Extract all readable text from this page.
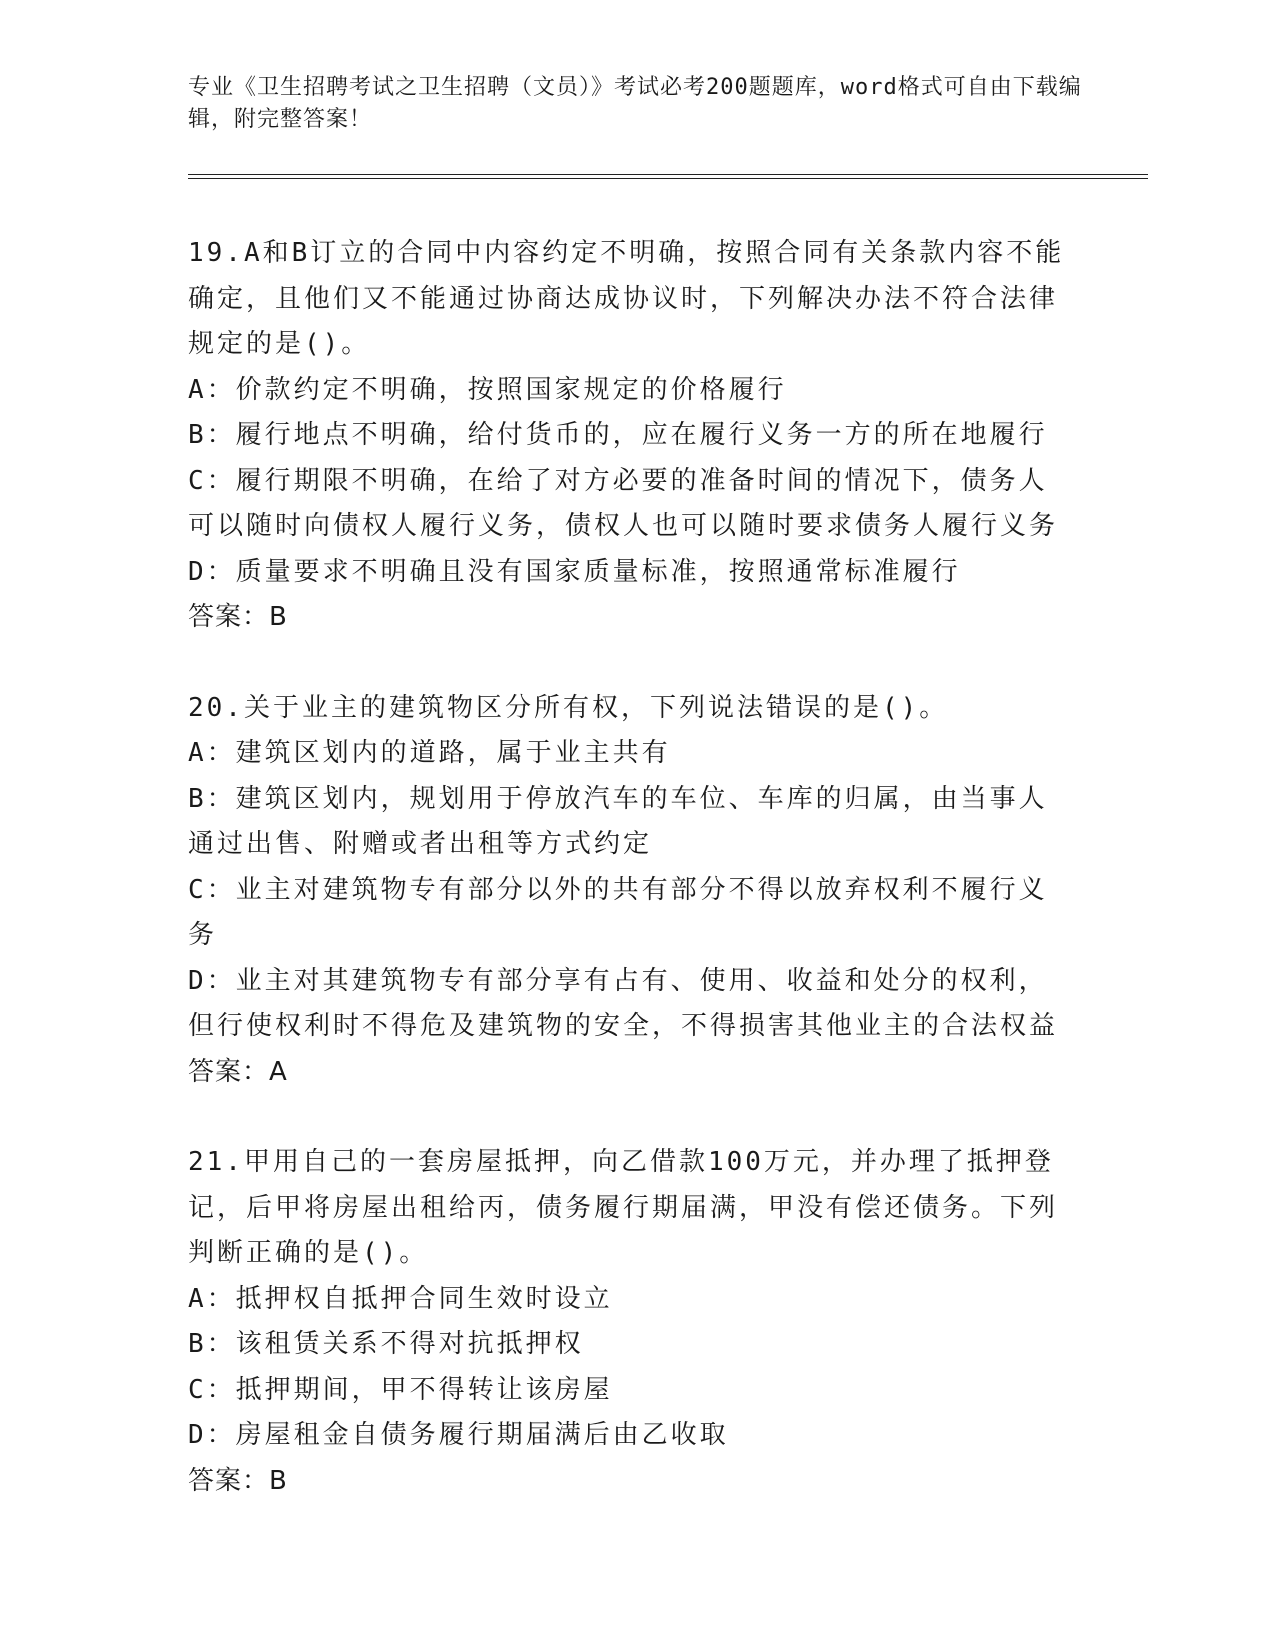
专业《卫生招聘考试之卫生招聘（文员）》考试必考200题题库，word格式可自由下载编辑，附完整答案！

19.A和B订立的合同中内容约定不明确，按照合同有关条款内容不能确定，且他们又不能通过协商达成协议时，下列解决办法不符合法律规定的是()。

A：价款约定不明确，按照国家规定的价格履行

B：履行地点不明确，给付货币的，应在履行义务一方的所在地履行

C：履行期限不明确，在给了对方必要的准备时间的情况下，债务人可以随时向债权人履行义务，债权人也可以随时要求债务人履行义务

D：质量要求不明确且没有国家质量标准，按照通常标准履行

答案：B

20.关于业主的建筑物区分所有权，下列说法错误的是()。

A：建筑区划内的道路，属于业主共有

B：建筑区划内，规划用于停放汽车的车位、车库的归属，由当事人通过出售、附赠或者出租等方式约定

C：业主对建筑物专有部分以外的共有部分不得以放弃权利不履行义务

D：业主对其建筑物专有部分享有占有、使用、收益和处分的权利，但行使权利时不得危及建筑物的安全，不得损害其他业主的合法权益

答案：A

21.甲用自己的一套房屋抵押，向乙借款100万元，并办理了抵押登记，后甲将房屋出租给丙，债务履行期届满，甲没有偿还债务。下列判断正确的是()。

A：抵押权自抵押合同生效时设立

B：该租赁关系不得对抗抵押权

C：抵押期间，甲不得转让该房屋

D：房屋租金自债务履行期届满后由乙收取

答案：B
